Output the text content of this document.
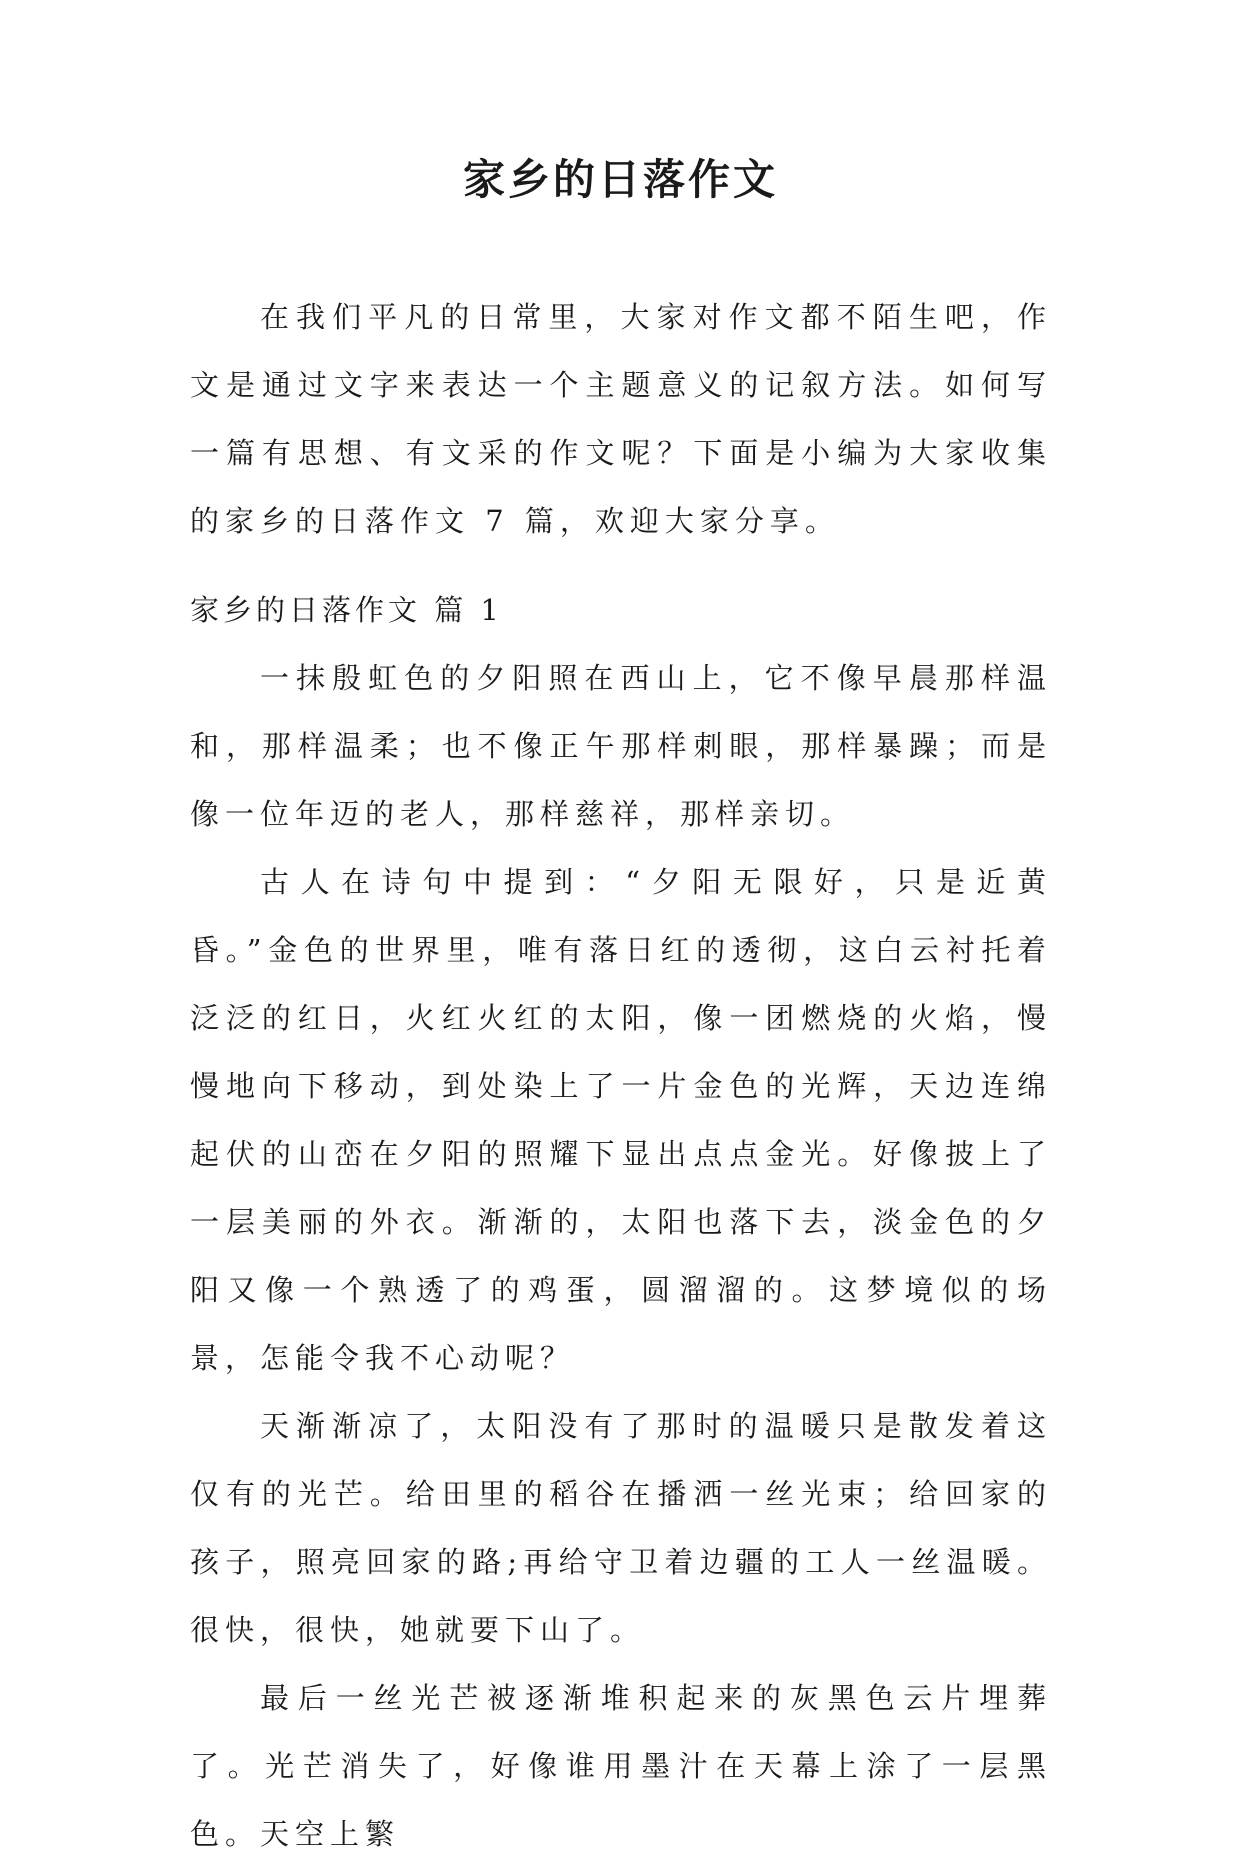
家乡的日落作文

在我们平凡的日常里，大家对作文都不陌生吧，作文是通过文字来表达一个主题意义的记叙方法。如何写一篇有思想、有文采的作文呢？下面是小编为大家收集的家乡的日落作文 7 篇，欢迎大家分享。

家乡的日落作文 篇 1

一抹殷虹色的夕阳照在西山上，它不像早晨那样温和，那样温柔；也不像正午那样刺眼，那样暴躁；而是像一位年迈的老人，那样慈祥，那样亲切。

古人在诗句中提到：“夕阳无限好，只是近黄昏。”金色的世界里，唯有落日红的透彻，这白云衬托着泛泛的红日，火红火红的太阳，像一团燃烧的火焰，慢慢地向下移动，到处染上了一片金色的光辉，天边连绵起伏的山峦在夕阳的照耀下显出点点金光。好像披上了一层美丽的外衣。渐渐的，太阳也落下去，淡金色的夕阳又像一个熟透了的鸡蛋，圆溜溜的。这梦境似的场景，怎能令我不心动呢？

天渐渐凉了，太阳没有了那时的温暖只是散发着这仅有的光芒。给田里的稻谷在播洒一丝光束；给回家的孩子，照亮回家的路;再给守卫着边疆的工人一丝温暖。很快，很快，她就要下山了。

最后一丝光芒被逐渐堆积起来的灰黑色云片埋葬了。光芒消失了，好像谁用墨汁在天幕上涂了一层黑色。天空上繁
